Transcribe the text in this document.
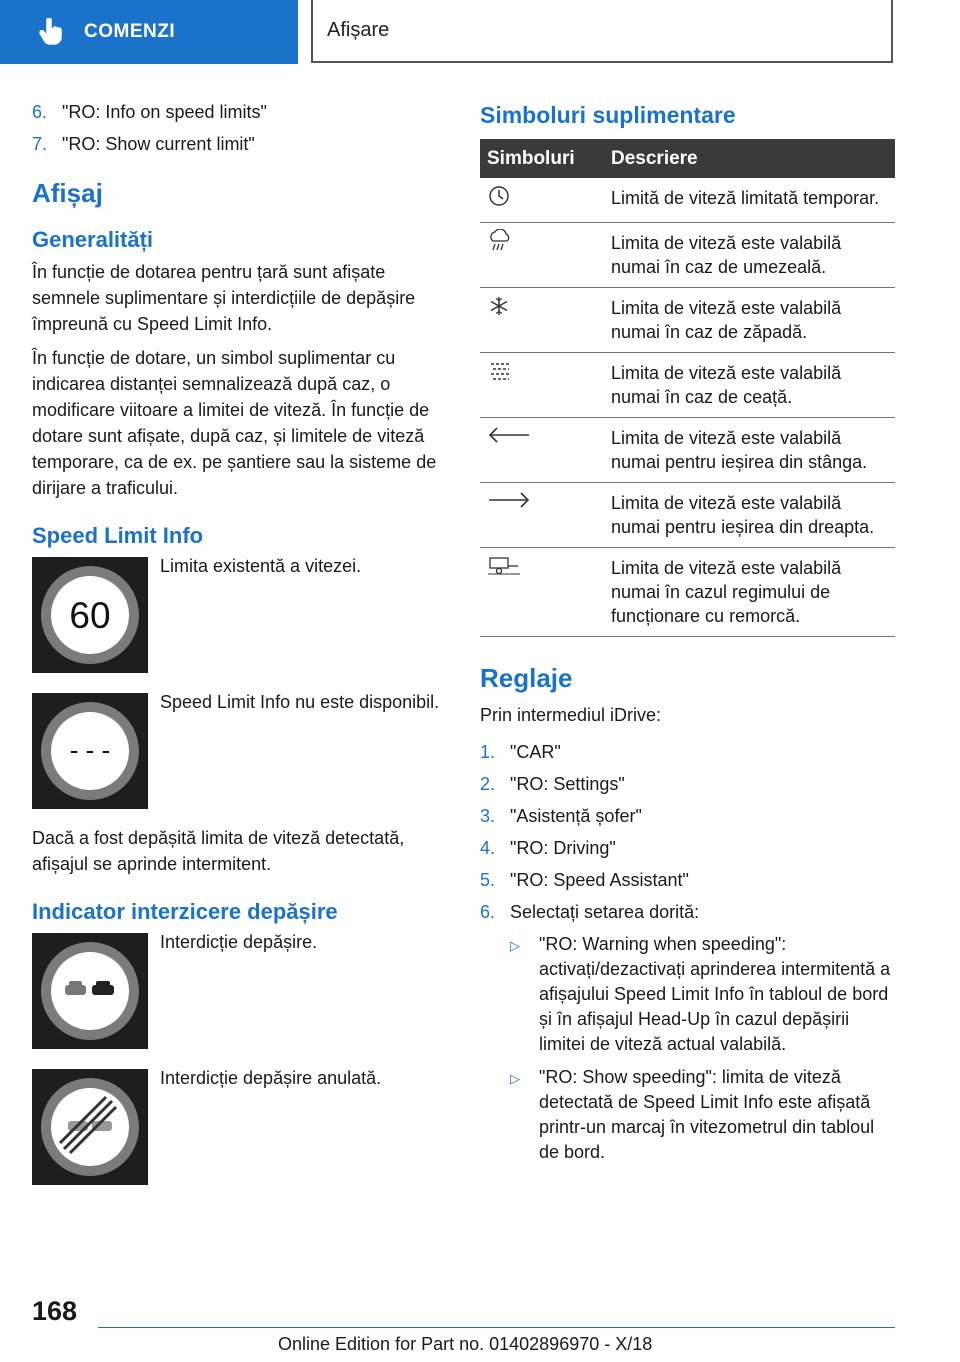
COMENZI	Afișare
6. "RO: Info on speed limits"
7. "RO: Show current limit"
Afișaj
Generalități

În funcție de dotarea pentru țară sunt afișate semnele suplimentare și interdicțiile de depășire împreună cu Speed Limit Info.

În funcție de dotare, un simbol suplimentar cu indicarea distanței semnalizează după caz, o modificare viitoare a limitei de viteză. În funcție de dotare sunt afișate, după caz, și limitele de viteză temporare, ca de ex. pe șantiere sau la sisteme de dirijare a traficului.

Speed Limit Info
60
Limita existentă a vitezei.
- - -
Speed Limit Info nu este disponibil.

Dacă a fost depășită limita de viteză detectată, afișajul se aprinde intermitent.

Indicator interzicere depășire
Interdicție depășire.
Interdicție depășire anulată.
Simboluri suplimentare
Simboluri	Descriere
	Limită de viteză limitată temporar.
	Limita de viteză este valabilă numai în caz de umezeală.
	Limita de viteză este valabilă numai în caz de zăpadă.
	Limita de viteză este valabilă numai în caz de ceață.
	Limita de viteză este valabilă numai pentru ieșirea din stânga.
	Limita de viteză este valabilă numai pentru ieșirea din dreapta.
	Limita de viteză este valabilă numai în cazul regimului de funcționare cu remorcă.
Reglaje

Prin intermediul iDrive:

1. "CAR"
2. "RO: Settings"
3. "Asistență șofer"
4. "RO: Driving"
5. "RO: Speed Assistant"
6. Selectați setarea dorită:
▷	"RO: Warning when speeding": activați/dezactivați aprinderea intermitentă a afișajului Speed Limit Info în tabloul de bord și în afișajul Head-Up în cazul depășirii limitei de viteză actual valabilă.
▷	"RO: Show speeding": limita de viteză detectată de Speed Limit Info este afișată printr-un marcaj în vitezometrul din tabloul de bord.
168
Online Edition for Part no. 01402896970 - X/18
